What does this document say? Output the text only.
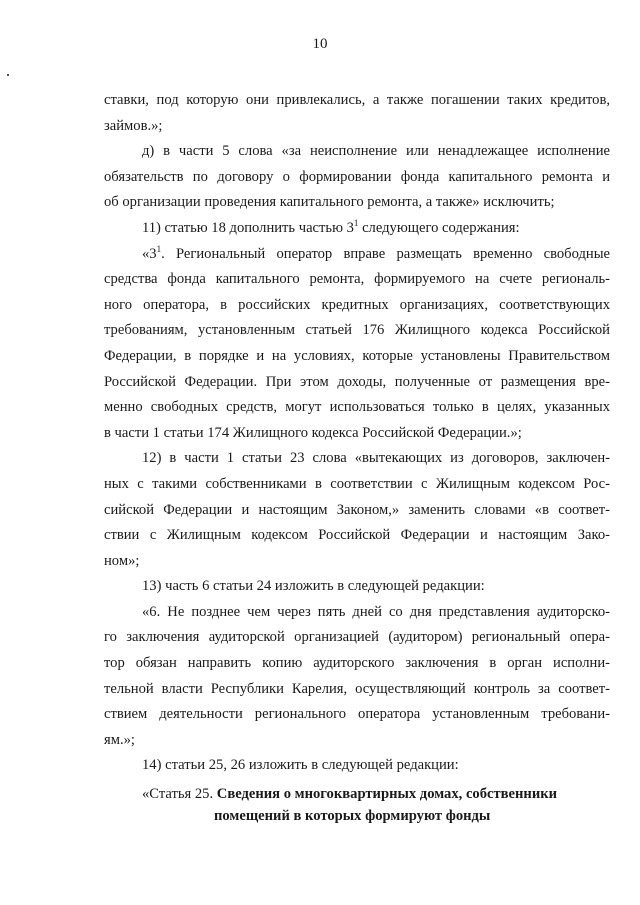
10
ставки, под которую они привлекались, а также погашении таких кредитов,
займов.»;
д) в части 5 слова «за неисполнение или ненадлежащее исполнение
обязательств по договору о формировании фонда капитального ремонта и
об организации проведения капитального ремонта, а также» исключить;
11) статью 18 дополнить частью $3^1$ следующего содержания:
«$3^1$. Региональный оператор вправе размещать временно свободные
средства фонда капитального ремонта, формируемого на счете региональ-
ного оператора, в российских кредитных организациях, соответствующих
требованиям, установленным статьей 176 Жилищного кодекса Российской
Федерации, в порядке и на условиях, которые установлены Правительством
Российской Федерации. При этом доходы, полученные от размещения вре-
менно свободных средств, могут использоваться только в целях, указанных
в части 1 статьи 174 Жилищного кодекса Российской Федерации.»;
12) в части 1 статьи 23 слова «вытекающих из договоров, заключен-
ных с такими собственниками в соответствии с Жилищным кодексом Рос-
сийской Федерации и настоящим Законом,» заменить словами «в соответ-
ствии с Жилищным кодексом Российской Федерации и настоящим Зако-
ном»;
13) часть 6 статьи 24 изложить в следующей редакции:
«6. Не позднее чем через пять дней со дня представления аудиторско-
го заключения аудиторской организацией (аудитором) региональный опера-
тор обязан направить копию аудиторского заключения в орган исполни-
тельной власти Республики Карелия, осуществляющий контроль за соответ-
ствием деятельности регионального оператора установленным требовани-
ям.»;
14) статьи 25, 26 изложить в следующей редакции:
«Статья 25. Сведения о многоквартирных домах, собственники
помещений в которых формируют фонды
